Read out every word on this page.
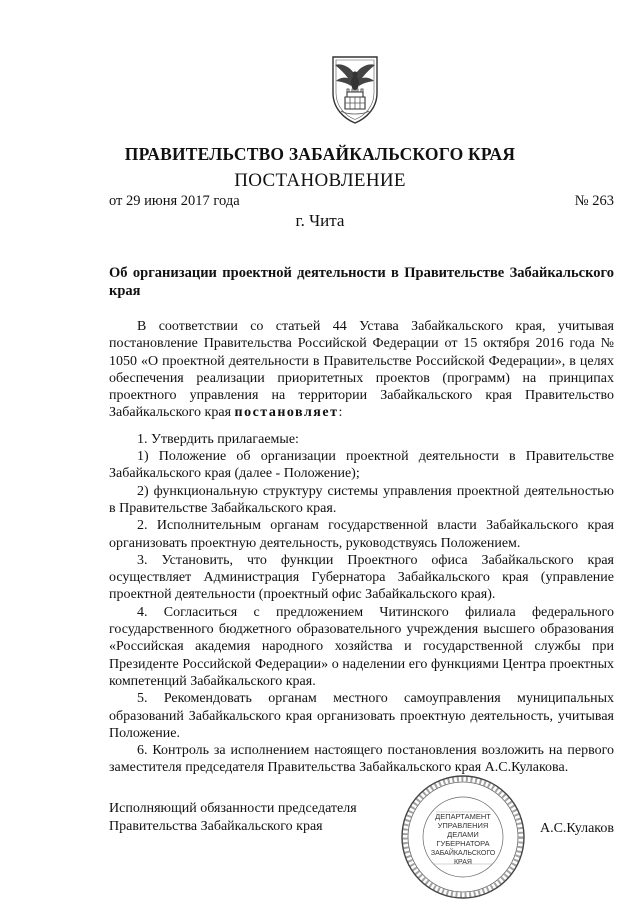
ПРАВИТЕЛЬСТВО ЗАБАЙКАЛЬСКОГО КРАЯ
ПОСТАНОВЛЕНИЕ
от 29 июня 2017 года	№ 263
г. Чита
Об организации проектной деятельности в Правительстве Забайкальского края

В соответствии со статьей 44 Устава Забайкальского края, учитывая постановление Правительства Российской Федерации от 15 октября 2016 года № 1050 «О проектной деятельности в Правительстве Российской Федерации», в целях обеспечения реализации приоритетных проектов (программ) на принципах проектного управления на территории Забайкальского края Правительство Забайкальского края постановляет:

1. Утвердить прилагаемые:

1) Положение об организации проектной деятельности в Правительстве Забайкальского края (далее - Положение);

2) функциональную структуру системы управления проектной деятельностью в Правительстве Забайкальского края.

2. Исполнительным органам государственной власти Забайкальского края организовать проектную деятельность, руководствуясь Положением.

3. Установить, что функции Проектного офиса Забайкальского края осуществляет Администрация Губернатора Забайкальского края (управление проектной деятельности (проектный офис Забайкальского края).

4. Согласиться с предложением Читинского филиала федерального государственного бюджетного образовательного учреждения высшего образования «Российская академия народного хозяйства и государственной службы при Президенте Российской Федерации» о наделении его функциями Центра проектных компетенций Забайкальского края.

5. Рекомендовать органам местного самоуправления муниципальных образований Забайкальского края организовать проектную деятельность, учитывая Положение.

6. Контроль за исполнением настоящего постановления возложить на первого заместителя председателя Правительства Забайкальского края А.С.Кулакова.

Исполняющий обязанности председателя
Правительства Забайкальского края	А.С.Кулаков
ДЕПАРТАМЕНТ
УПРАВЛЕНИЯ
ДЕЛАМИ
ГУБЕРНАТОРА
ЗАБАЙКАЛЬСКОГО
КРАЯ
